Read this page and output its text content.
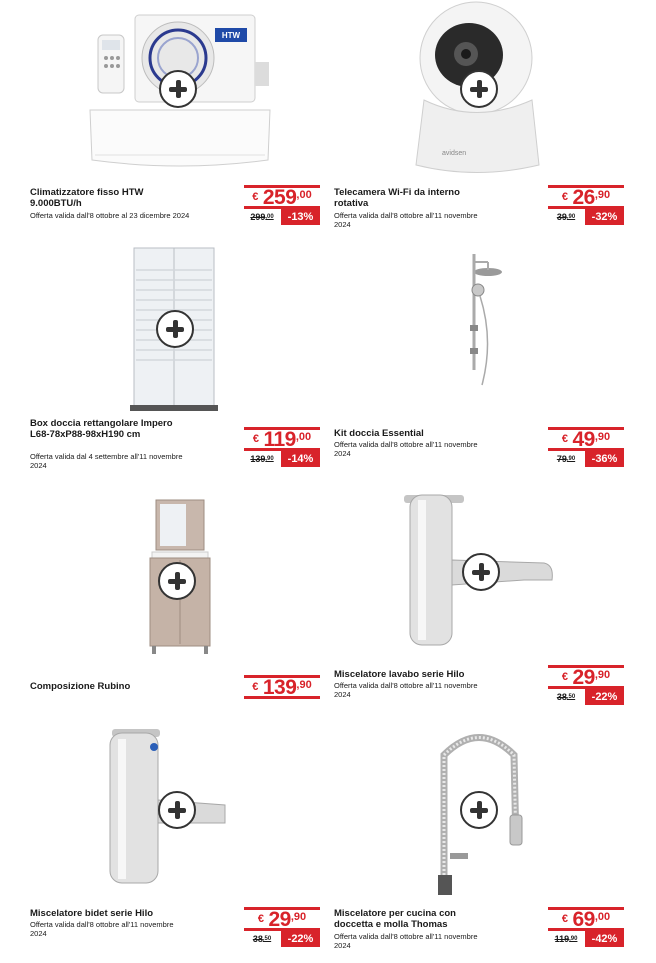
HTW
Climatizzatore fisso HTW 9.000BTU/h
Offerta valida dall'8 ottobre al 23 dicembre 2024
€ $259^{,00}$
$299^{,00}$	-13%
avidsen
Telecamera Wi-Fi da interno rotativa
Offerta valida dall'8 ottobre all'11 novembre 2024
€ $26^{,90}$
$39^{,90}$	-32%
Box doccia rettangolare Impero L68-78xP88-98xH190 cm
Offerta valida dal 4 settembre all'11 novembre 2024
€ $119^{,00}$
$139^{,90}$	-14%
Kit doccia Essential
Offerta valida dall'8 ottobre all'11 novembre 2024
€ $49^{,90}$
$79^{,90}$	-36%
Composizione Rubino	€ $139^{,90}$
Miscelatore lavabo serie Hilo
Offerta valida dall'8 ottobre all'11 novembre 2024
€ $29^{,90}$
$38^{,50}$	-22%
Miscelatore bidet serie Hilo
Offerta valida dall'8 ottobre all'11 novembre 2024
€ $29^{,90}$
$38^{,50}$	-22%
Miscelatore per cucina con doccetta e molla Thomas
Offerta valida dall'8 ottobre all'11 novembre 2024
€ $69^{,00}$
$119^{,90}$	-42%
